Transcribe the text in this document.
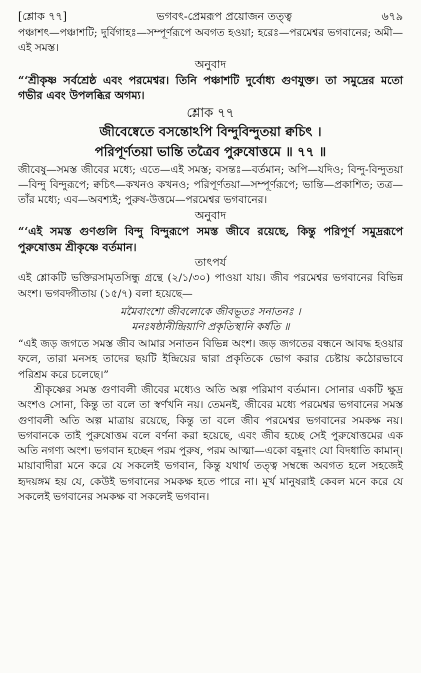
[শ্লোক ৭৭]	ভগবৎ-প্রেমরূপ প্রয়োজন তত্ত্ব	৬৭৯

পঞ্চাশৎ—পঞ্চাশটি; দুর্বিগাহঃ—সম্পূর্ণরূপে অবগত হওয়া; হরেঃ—পরমেশ্বর ভগবানের; অমী—এই সমস্ত।

অনুবাদ

“‘শ্রীকৃষ্ণ সর্বশ্রেষ্ঠ এবং পরমেশ্বর। তিনি পঞ্চাশটি দুর্বোধ্য গুণযুক্ত। তা সমুদ্রের মতো গভীর এবং উপলব্ধির অগম্য।

শ্লোক ৭৭
জীবেষ্বেতে বসন্তোঽপি বিন্দুবিন্দুতয়া ক্বচিৎ ।
পরিপূর্ণতয়া ভান্তি তত্রৈব পুরুষোত্তমে ॥ ৭৭ ॥

জীবেষু—সমস্ত জীবের মধ্যে; এতে—এই সমস্ত; বসন্তঃ—বর্তমান; অপি—যদিও; বিন্দু-বিন্দুতয়া—বিন্দু বিন্দুরূপে; ক্বচিৎ—কখনও কখনও; পরিপূর্ণতয়া—সম্পূর্ণরূপে; ভান্তি—প্রকাশিত; তত্র—তাঁর মধ্যে; এব—অবশ্যই; পুরুষ-উত্তমে—পরমেশ্বর ভগবানের।

অনুবাদ

“‘এই সমস্ত গুণগুলি বিন্দু বিন্দুরূপে সমস্ত জীবে রয়েছে, কিন্তু পরিপূর্ণ সমুদ্ররূপে পুরুষোত্তম শ্রীকৃষ্ণে বর্তমান।

তাৎপর্য

এই শ্লোকটি ভক্তিরসামৃতসিন্ধু গ্রন্থে (২/১/৩০) পাওয়া যায়। জীব পরমেশ্বর ভগবানের বিভিন্ন অংশ। ভগবদ্গীতায় (১৫/৭) বলা হয়েছে—

মমৈবাংশো জীবলোকে জীবভূতঃ সনাতনঃ ।
মনঃষষ্ঠানীন্দ্রিয়াণি প্রকৃতিস্থানি কর্ষতি ॥

“এই জড় জগতে সমস্ত জীব আমার সনাতন বিভিন্ন অংশ। জড় জগতের বন্ধনে আবদ্ধ হওয়ার ফলে, তারা মনসহ তাদের ছয়টি ইন্দ্রিয়ের দ্বারা প্রকৃতিকে ভোগ করার চেষ্টায় কঠোরভাবে পরিশ্রম করে চলেছে।”

শ্রীকৃষ্ণের সমস্ত গুণাবলী জীবের মধ্যেও অতি অল্প পরিমাণ বর্তমান। সোনার একটি ক্ষুদ্র অংশও সোনা, কিন্তু তা বলে তা স্বর্ণখনি নয়। তেমনই, জীবের মধ্যে পরমেশ্বর ভগবানের সমস্ত গুণাবলী অতি অল্প মাত্রায় রয়েছে, কিন্তু তা বলে জীব পরমেশ্বর ভগবানের সমকক্ষ নয়। ভগবানকে তাই পুরুষোত্তম বলে বর্ণনা করা হয়েছে, এবং জীব হচ্ছে সেই পুরুষোত্তমের এক অতি নগণ্য অংশ। ভগবান হচ্ছেন পরম পুরুষ, পরম আত্মা—একো বহূনাং যো বিদধাতি কামান্। মায়াবাদীরা মনে করে যে সকলেই ভগবান, কিন্তু যথার্থ তত্ত্ব সম্বন্ধে অবগত হলে সহজেই হৃদয়ঙ্গম হয় যে, কেউই ভগবানের সমকক্ষ হতে পারে না। মূর্খ মানুষরাই কেবল মনে করে যে সকলেই ভগবানের সমকক্ষ বা সকলেই ভগবান।
